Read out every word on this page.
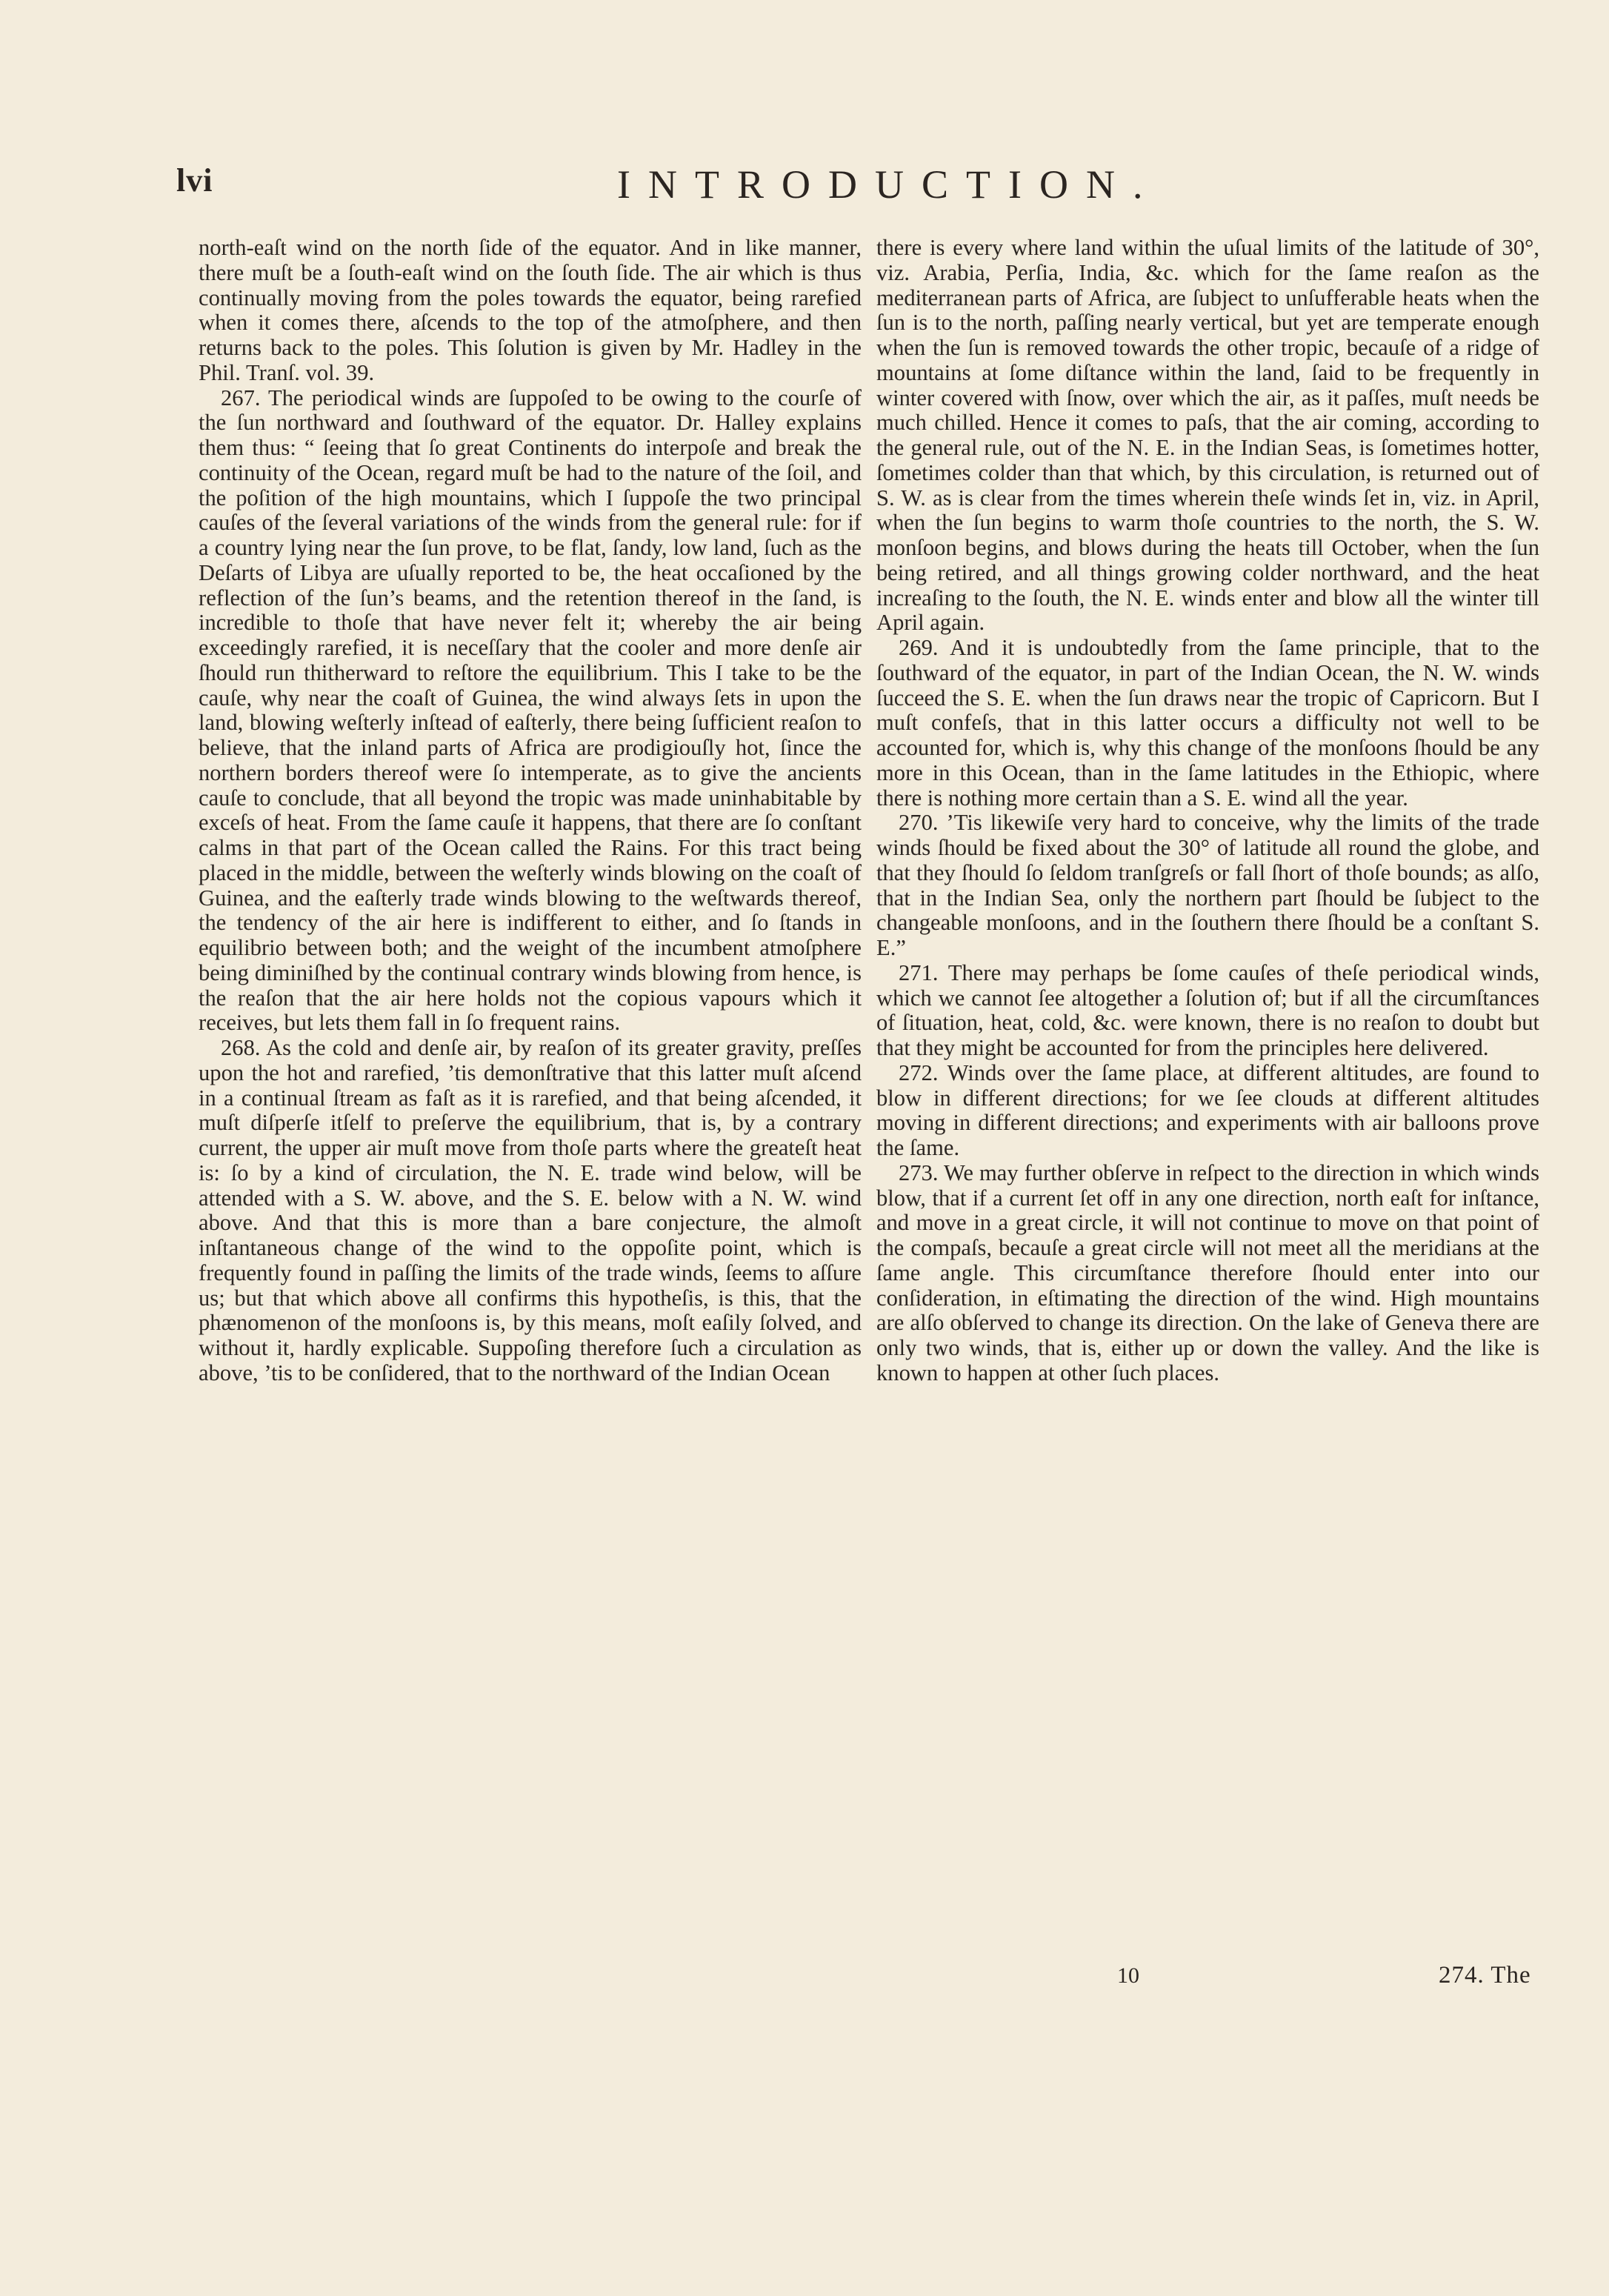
lvi	INTRODUCTION.

north-eaſt wind on the north ſide of the equator. And in like manner, there muſt be a ſouth-eaſt wind on the ſouth ſide. The air which is thus continually moving from the poles towards the equator, being rarefied when it comes there, aſcends to the top of the atmoſphere, and then returns back to the poles. This ſolution is given by Mr. Hadley in the Phil. Tranſ. vol. 39.

267. The periodical winds are ſuppoſed to be owing to the courſe of the ſun northward and ſouthward of the equator. Dr. Halley explains them thus: “ ſeeing that ſo great Continents do interpoſe and break the continuity of the Ocean, regard muſt be had to the nature of the ſoil, and the poſition of the high mountains, which I ſuppoſe the two principal cauſes of the ſeveral variations of the winds from the general rule: for if a country lying near the ſun prove, to be flat, ſandy, low land, ſuch as the Deſarts of Libya are uſually reported to be, the heat occaſioned by the reflection of the ſun’s beams, and the retention thereof in the ſand, is incredible to thoſe that have never felt it; whereby the air being exceedingly rarefied, it is neceſſary that the cooler and more denſe air ſhould run thitherward to reſtore the equilibrium. This I take to be the cauſe, why near the coaſt of Guinea, the wind always ſets in upon the land, blowing weſterly inſtead of eaſterly, there being ſufficient reaſon to believe, that the inland parts of Africa are prodigiouſly hot, ſince the northern borders thereof were ſo intemperate, as to give the ancients cauſe to conclude, that all beyond the tropic was made uninhabitable by exceſs of heat. From the ſame cauſe it happens, that there are ſo conſtant calms in that part of the Ocean called the Rains. For this tract being placed in the middle, between the weſterly winds blowing on the coaſt of Guinea, and the eaſterly trade winds blowing to the weſtwards thereof, the tendency of the air here is indifferent to either, and ſo ſtands in equilibrio between both; and the weight of the incumbent atmoſphere being diminiſhed by the continual contrary winds blowing from hence, is the reaſon that the air here holds not the copious vapours which it receives, but lets them fall in ſo frequent rains.

268. As the cold and denſe air, by reaſon of its greater gravity, preſſes upon the hot and rarefied, ’tis demonſtrative that this latter muſt aſcend in a continual ſtream as faſt as it is rarefied, and that being aſcended, it muſt diſperſe itſelf to preſerve the equilibrium, that is, by a contrary current, the upper air muſt move from thoſe parts where the greateſt heat is: ſo by a kind of circulation, the N. E. trade wind below, will be attended with a S. W. above, and the S. E. below with a N. W. wind above. And that this is more than a bare conjecture, the almoſt inſtantaneous change of the wind to the oppoſite point, which is frequently found in paſſing the limits of the trade winds, ſeems to aſſure us; but that which above all confirms this hypotheſis, is this, that the phænomenon of the monſoons is, by this means, moſt eaſily ſolved, and without it, hardly explicable. Suppoſing therefore ſuch a circulation as above, ’tis to be conſidered, that to the northward of the Indian Ocean

there is every where land within the uſual limits of the latitude of 30°, viz. Arabia, Perſia, India, &c. which for the ſame reaſon as the mediterranean parts of Africa, are ſubject to unſufferable heats when the ſun is to the north, paſſing nearly vertical, but yet are temperate enough when the ſun is removed towards the other tropic, becauſe of a ridge of mountains at ſome diſtance within the land, ſaid to be frequently in winter covered with ſnow, over which the air, as it paſſes, muſt needs be much chilled. Hence it comes to paſs, that the air coming, according to the general rule, out of the N. E. in the Indian Seas, is ſometimes hotter, ſometimes colder than that which, by this circulation, is returned out of S. W. as is clear from the times wherein theſe winds ſet in, viz. in April, when the ſun begins to warm thoſe countries to the north, the S. W. monſoon begins, and blows during the heats till October, when the ſun being retired, and all things growing colder northward, and the heat increaſing to the ſouth, the N. E. winds enter and blow all the winter till April again.

269. And it is undoubtedly from the ſame principle, that to the ſouthward of the equator, in part of the Indian Ocean, the N. W. winds ſucceed the S. E. when the ſun draws near the tropic of Capricorn. But I muſt confeſs, that in this latter occurs a difficulty not well to be accounted for, which is, why this change of the monſoons ſhould be any more in this Ocean, than in the ſame latitudes in the Ethiopic, where there is nothing more certain than a S. E. wind all the year.

270. ’Tis likewiſe very hard to conceive, why the limits of the trade winds ſhould be fixed about the 30° of latitude all round the globe, and that they ſhould ſo ſeldom tranſgreſs or fall ſhort of thoſe bounds; as alſo, that in the Indian Sea, only the northern part ſhould be ſubject to the changeable monſoons, and in the ſouthern there ſhould be a conſtant S. E.”

271. There may perhaps be ſome cauſes of theſe periodical winds, which we cannot ſee altogether a ſolution of; but if all the circumſtances of ſituation, heat, cold, &c. were known, there is no reaſon to doubt but that they might be accounted for from the principles here delivered.

272. Winds over the ſame place, at different altitudes, are found to blow in different directions; for we ſee clouds at different altitudes moving in different directions; and experiments with air balloons prove the ſame.

273. We may further obſerve in reſpect to the direction in which winds blow, that if a current ſet off in any one direction, north eaſt for inſtance, and move in a great circle, it will not continue to move on that point of the compaſs, becauſe a great circle will not meet all the meridians at the ſame angle. This circumſtance therefore ſhould enter into our conſideration, in eſtimating the direction of the wind. High mountains are alſo obſerved to change its direction. On the lake of Geneva there are only two winds, that is, either up or down the valley. And the like is known to happen at other ſuch places.

10	274. The
